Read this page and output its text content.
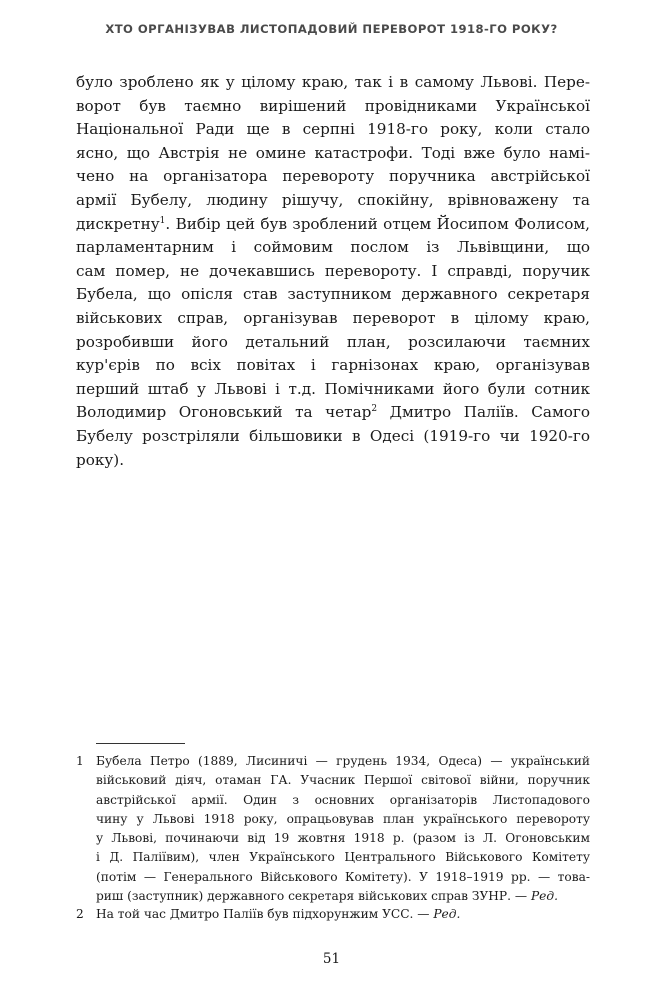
ХТО ОРГАНІЗУВАВ ЛИСТОПАДОВИЙ ПЕРЕВОРОТ 1918-ГО РОКУ?
було зроблено як у цілому краю, так і в самому Львові. Пере-
ворот був таємно вирішений провідниками Української
Національної Ради ще в серпні 1918-го року, коли стало
ясно, що Австрія не омине катастрофи. Тоді вже було намі-
чено на організатора перевороту поручника австрійської
армії Бубелу, людину рішучу, спокійну, врівноважену та
дискретну$^1$. Вибір цей був зроблений отцем Йосипом Фолисом,
парламентарним і соймовим послом із Львівщини, що
сам помер, не дочекавшись перевороту. І справді, поручик
Бубела, що опісля став заступником державного секретаря
військових справ, організував переворот в цілому краю,
розробивши його детальний план, розсилаючи таємних
кур'єрів по всіх повітах і гарнізонах краю, організував
перший штаб у Львові і т.д. Помічниками його були сотник
Володимир Огоновський та четар$^2$ Дмитро Паліїв. Самого
Бубелу розстріляли більшовики в Одесі (1919-го чи 1920-го
року).
1 Бубела Петро (1889, Лисиничі — грудень 1934, Одеса) — український
військовий діяч, отаман ГА. Учасник Першої світової війни, поручник
австрійської армії. Один з основних організаторів Листопадового
чину у Львові 1918 року, опрацьовував план українського перевороту
у Львові, починаючи від 19 жовтня 1918 р. (разом із Л. Огоновським
і Д. Паліївим), член Українського Центрального Військового Комітету
(потім — Генерального Військового Комітету). У 1918–1919 рр. — това-
риш (заступник) державного секретаря військових справ ЗУНР. — Ред.
2 На той час Дмитро Паліїв був підхорунжим УСС. — Ред.
51
